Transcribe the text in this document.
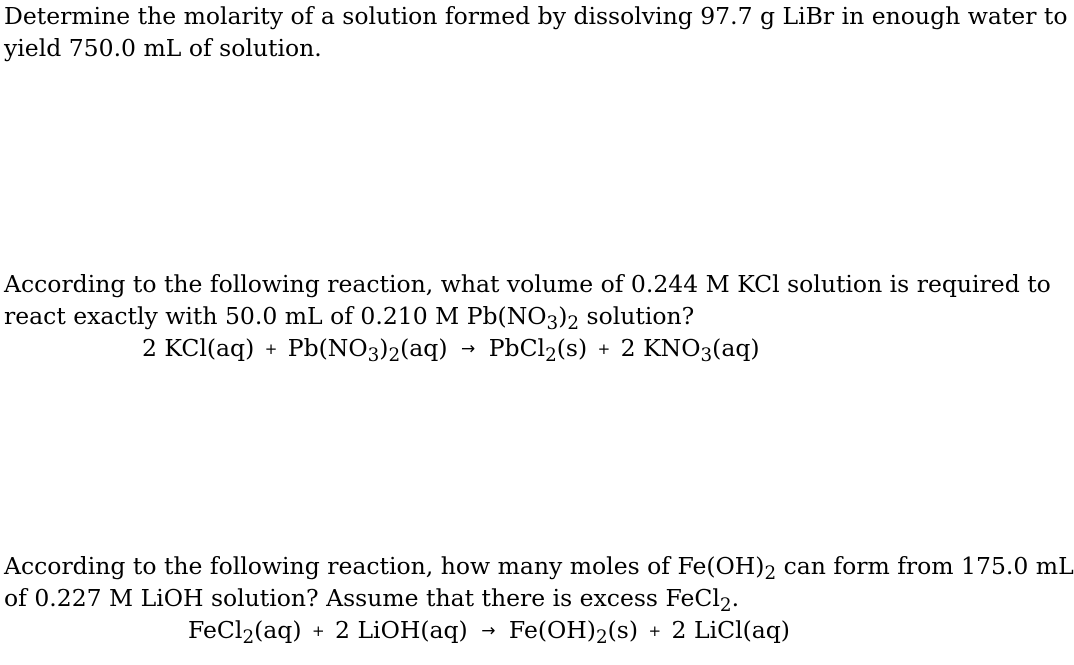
Determine the molarity of a solution formed by dissolving 97.7 g LiBr in enough water to
yield 750.0 mL of solution.
According to the following reaction, what volume of 0.244 M KCl solution is required to
react exactly with 50.0 mL of 0.210 M $Pb(NO_3)_2$ solution?
2 $KCl(aq) + Pb(NO_3)_2(aq)$ → PbCl$_2$(s) + 2 $KNO_3(aq)$
According to the following reaction, how many moles of $Fe(OH)_2$ can form from 175.0 mL
of 0.227 M LiOH solution? Assume that there is excess FeCl$_2$.
FeCl$_2$(aq) + 2 LiOH(aq) → $Fe(OH)_2(s) + 2$ LiCl(aq)
